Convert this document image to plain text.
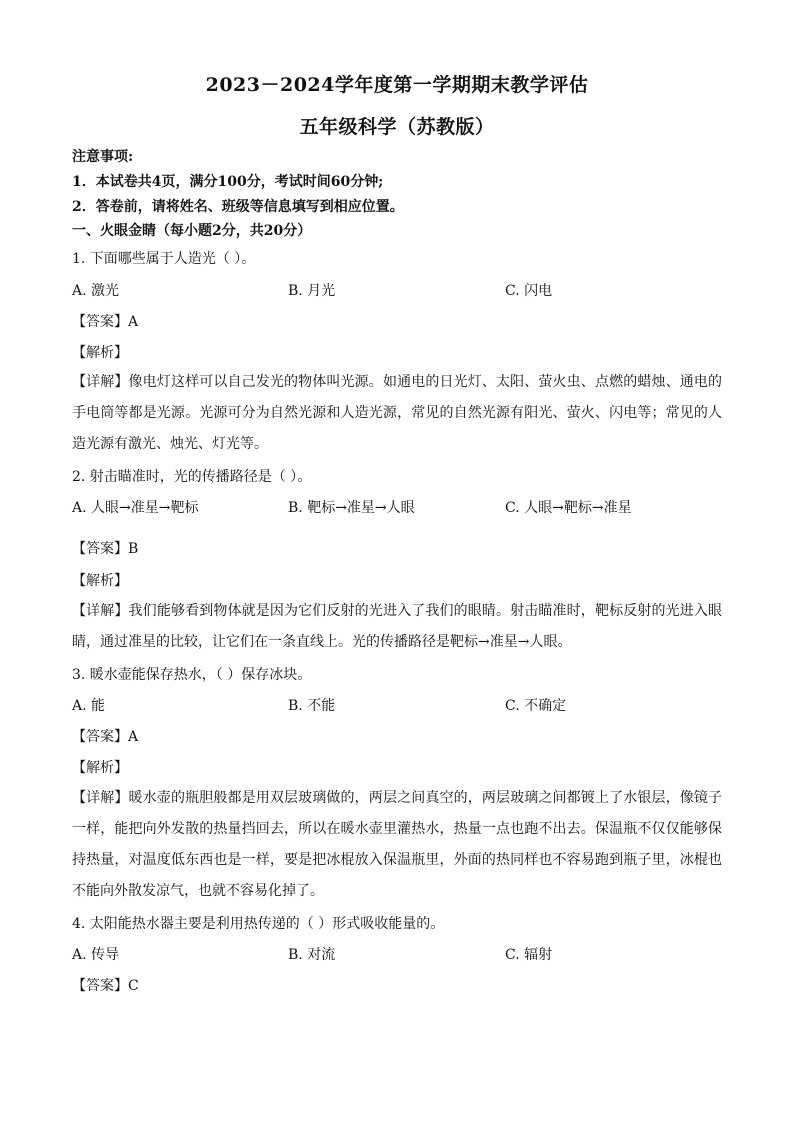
2023－2024学年度第一学期期末教学评估
五年级科学（苏教版）
注意事项:
1．本试卷共4页，满分100分，考试时间60分钟;
2．答卷前，请将姓名、班级等信息填写到相应位置。
一、火眼金睛（每小题2分，共20分）
1. 下面哪些属于人造光（ ）。
A. 激光	B. 月光	C. 闪电
【答案】A
【解析】
【详解】像电灯这样可以自己发光的物体叫光源。如通电的日光灯、太阳、萤火虫、点燃的蜡烛、通电的手电筒等都是光源。光源可分为自然光源和人造光源，常见的自然光源有阳光、萤火、闪电等；常见的人造光源有激光、烛光、灯光等。
2. 射击瞄准时，光的传播路径是（ ）。
A. 人眼→准星→靶标	B. 靶标→准星→人眼	C. 人眼→靶标→准星
【答案】B
【解析】
【详解】我们能够看到物体就是因为它们反射的光进入了我们的眼睛。射击瞄准时，靶标反射的光进入眼睛，通过准星的比较，让它们在一条直线上。光的传播路径是靶标→准星→人眼。
3. 暖水壶能保存热水，（ ）保存冰块。
A. 能	B. 不能	C. 不确定
【答案】A
【解析】
【详解】暖水壶的瓶胆般都是用双层玻璃做的，两层之间真空的，两层玻璃之间都镀上了水银层，像镜子一样，能把向外发散的热量挡回去，所以在暖水壶里灌热水，热量一点也跑不出去。保温瓶不仅仅能够保持热量，对温度低东西也是一样，要是把冰棍放入保温瓶里，外面的热同样也不容易跑到瓶子里，冰棍也不能向外散发凉气，也就不容易化掉了。
4. 太阳能热水器主要是利用热传递的（ ）形式吸收能量的。
A. 传导	B. 对流	C. 辐射
【答案】C
